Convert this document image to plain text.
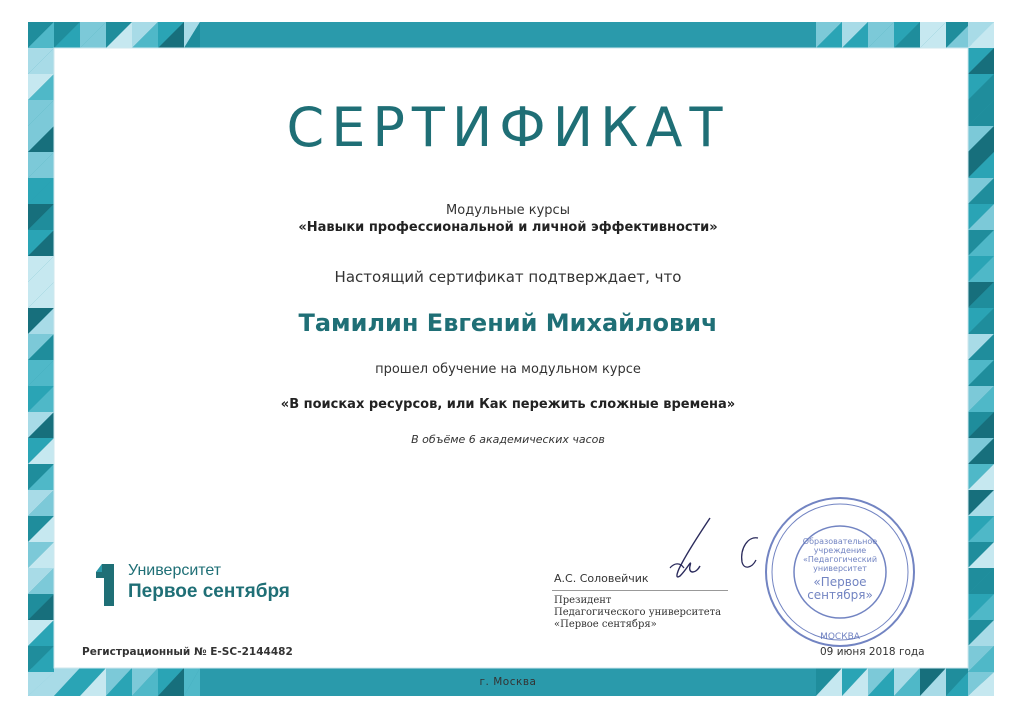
СЕРТИФИКАТ
Модульные курсы
«Навыки профессиональной и личной эффективности»
Настоящий сертификат подтверждает, что
Тамилин Евгений Михайлович
прошел обучение на модульном курсе
«В поисках ресурсов, или Как пережить сложные времена»
В объёме 6 академических часов
Университет
Первое сентября
А.С. Соловейчик
Президент
Педагогического университета
«Первое сентября»
Образовательное
учреждение
«Педагогический
университет
«Первое
сентября»
МОСКВА
Регистрационный № E-SC-2144482	09 июня 2018 года
г. Москва
